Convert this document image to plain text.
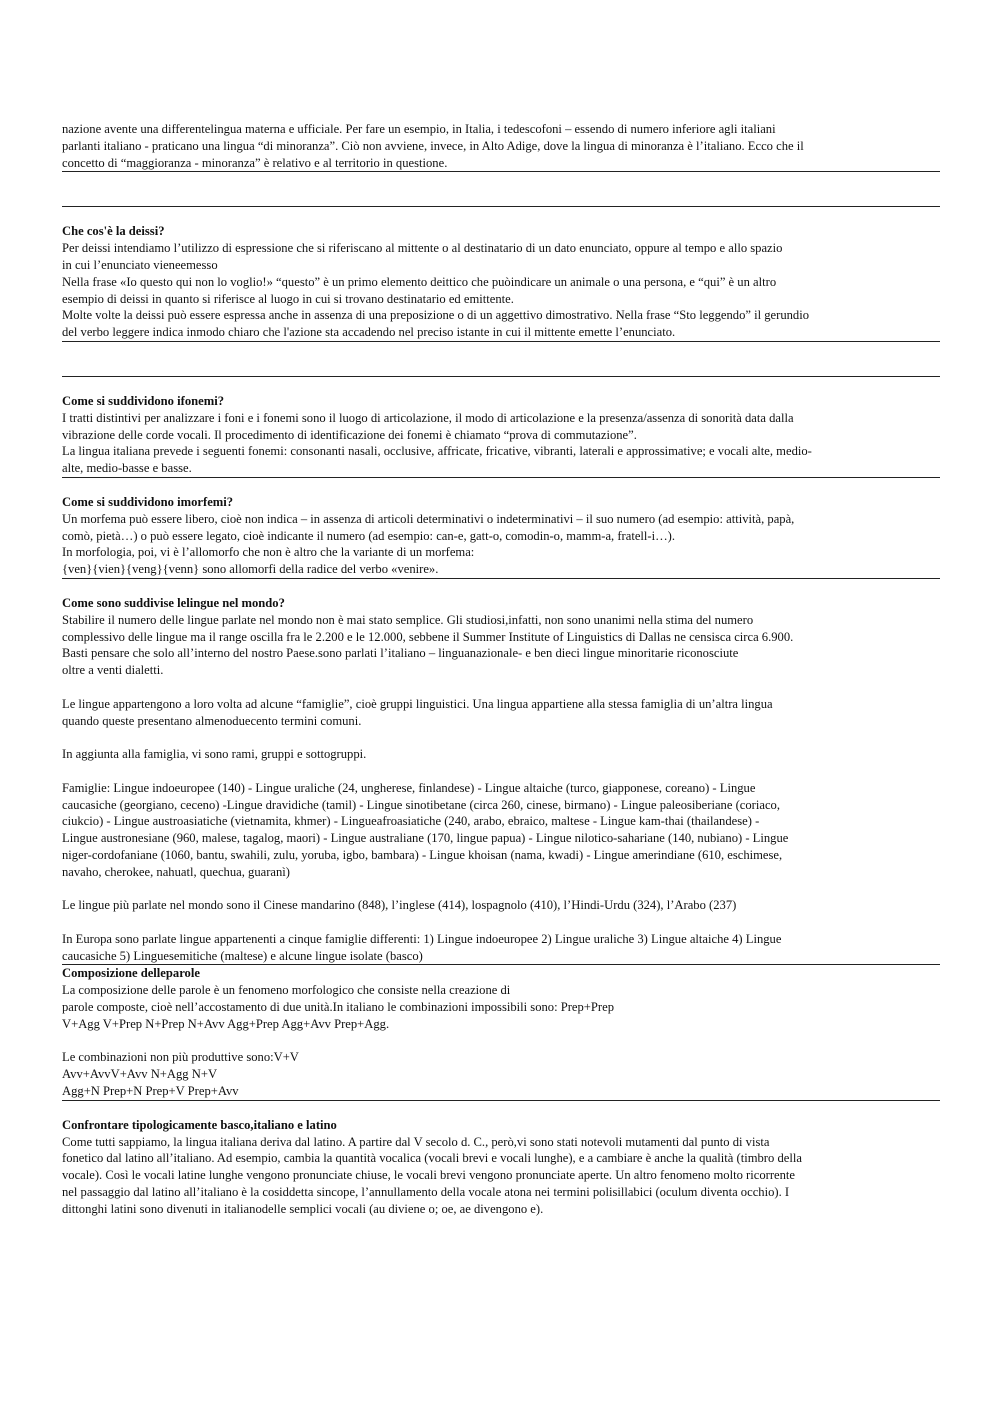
nazione avente una differentelingua materna e ufficiale. Per fare un esempio, in Italia, i tedescofoni – essendo di numero inferiore agli italiani

parlanti italiano - praticano una lingua “di minoranza”. Ciò non avviene, invece, in Alto Adige, dove la lingua di minoranza è l’italiano. Ecco che il

concetto di “maggioranza - minoranza” è relativo e al territorio in questione.

Che cos'è la deissi?

Per deissi intendiamo l’utilizzo di espressione che si riferiscano al mittente o al destinatario di un dato enunciato, oppure al tempo e allo spazio

in cui l’enunciato vieneemesso

Nella frase «Io questo qui non lo voglio!» “questo” è un primo elemento deittico che puòindicare un animale o una persona, e “qui” è un altro

esempio di deissi in quanto si riferisce al luogo in cui si trovano destinatario ed emittente.

Molte volte la deissi può essere espressa anche in assenza di una preposizione o di un aggettivo dimostrativo. Nella frase “Sto leggendo” il gerundio

del verbo leggere indica inmodo chiaro che l'azione sta accadendo nel preciso istante in cui il mittente emette l’enunciato.

Come si suddividono ifonemi?

I tratti distintivi per analizzare i foni e i fonemi sono il luogo di articolazione, il modo di articolazione e la presenza/assenza di sonorità data dalla

vibrazione delle corde vocali. Il procedimento di identificazione dei fonemi è chiamato “prova di commutazione”.

La lingua italiana prevede i seguenti fonemi: consonanti nasali, occlusive, affricate, fricative, vibranti, laterali e approssimative; e vocali alte, medio-

alte, medio-basse e basse.

Come si suddividono imorfemi?

Un morfema può essere libero, cioè non indica – in assenza di articoli determinativi o indeterminativi – il suo numero (ad esempio: attività, papà,

comò, pietà…) o può essere legato, cioè indicante il numero (ad esempio: can-e, gatt-o, comodin-o, mamm-a, fratell-i…).

In morfologia, poi, vi è l’allomorfo che non è altro che la variante di un morfema:

{ven}{vien}{veng}{venn} sono allomorfi della radice del verbo «venire».

Come sono suddivise lelingue nel mondo?

Stabilire il numero delle lingue parlate nel mondo non è mai stato semplice. Gli studiosi,infatti, non sono unanimi nella stima del numero

complessivo delle lingue ma il range oscilla fra le 2.200 e le 12.000, sebbene il Summer Institute of Linguistics di Dallas ne censisca circa 6.900.

Basti pensare che solo all’interno del nostro Paese.sono parlati l’italiano – linguanazionale- e ben dieci lingue minoritarie riconosciute

oltre a venti dialetti.

Le lingue appartengono a loro volta ad alcune “famiglie”, cioè gruppi linguistici. Una lingua appartiene alla stessa famiglia di un’altra lingua

quando queste presentano almenoduecento termini comuni.

In aggiunta alla famiglia, vi sono rami, gruppi e sottogruppi.

Famiglie: Lingue indoeuropee (140) - Lingue uraliche (24, ungherese, finlandese) - Lingue altaiche (turco, giapponese, coreano) - Lingue

caucasiche (georgiano, ceceno) -Lingue dravidiche (tamil) - Lingue sinotibetane (circa 260, cinese, birmano) - Lingue paleosiberiane (coriaco,

ciukcio) - Lingue austroasiatiche (vietnamita, khmer) - Lingueafroasiatiche (240, arabo, ebraico, maltese - Lingue kam-thai (thailandese) -

Lingue austronesiane (960, malese, tagalog, maori) - Lingue australiane (170, lingue papua) - Lingue nilotico-sahariane (140, nubiano) - Lingue

niger-cordofaniane (1060, bantu, swahili, zulu, yoruba, igbo, bambara) - Lingue khoisan (nama, kwadi) - Lingue amerindiane (610, eschimese,

navaho, cherokee, nahuatl, quechua, guaranì)

Le lingue più parlate nel mondo sono il Cinese mandarino (848), l’inglese (414), lospagnolo (410), l’Hindi-Urdu (324), l’Arabo (237)

In Europa sono parlate lingue appartenenti a cinque famiglie differenti: 1) Lingue indoeuropee 2) Lingue uraliche 3) Lingue altaiche 4) Lingue

caucasiche 5) Linguesemitiche (maltese) e alcune lingue isolate (basco)

Composizione delleparole

La composizione delle parole è un fenomeno morfologico che consiste nella creazione di

parole composte, cioè nell’accostamento di due unità.In italiano le combinazioni impossibili sono: Prep+Prep

V+Agg V+Prep N+Prep N+Avv Agg+Prep Agg+Avv Prep+Agg.

Le combinazioni non più produttive sono:V+V

Avv+AvvV+Avv N+Agg N+V

Agg+N Prep+N Prep+V Prep+Avv

Confrontare tipologicamente basco,italiano e latino

Come tutti sappiamo, la lingua italiana deriva dal latino. A partire dal V secolo d. C., però,vi sono stati notevoli mutamenti dal punto di vista

fonetico dal latino all’italiano. Ad esempio, cambia la quantità vocalica (vocali brevi e vocali lunghe), e a cambiare è anche la qualità (timbro della

vocale). Così le vocali latine lunghe vengono pronunciate chiuse, le vocali brevi vengono pronunciate aperte. Un altro fenomeno molto ricorrente

nel passaggio dal latino all’italiano è la cosiddetta sincope, l’annullamento della vocale atona nei termini polisillabici (oculum diventa occhio). I

dittonghi latini sono divenuti in italianodelle semplici vocali (au diviene o; oe, ae divengono e).
